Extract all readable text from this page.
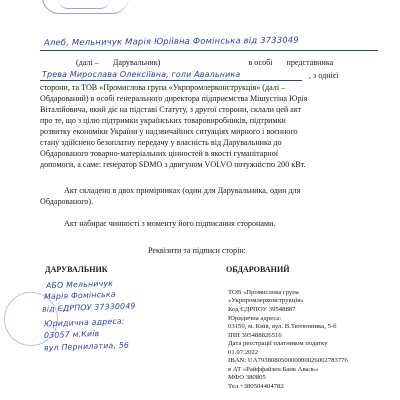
Алеб, Мельничук Марія Юріївна Фомінська від 3733049
(далі – Дарувальник)	в особі представника
Трева Мирослава Олексіївна, голи Авальника	, з однієї
сторони, та ТОВ «Промислова група «Укрпромлерконструкція» (далі –
Обдарований) в особі генерального директора підприємства Мішустіна Юрія
Віталійовича, який діє на підставі Статуту, з другої сторони, склали цей акт
про те, що з цілю підтримки українських товаровиробників, підтримки
розвитку економіки України у надзвичайних ситуаціях мирного і воєнного
стану здійснено безоплатну передачу у власність від Дарувальника до
Обдарованого товарно-матеріальних цінностей в якості гуманітарної
допомоги, а саме: генератор SDMO з двигуном VOLVO потужністю 200 кВт.
Акт складено в двох примірниках (один для Дарувальника, один для
Обдарованого).
Акт набирає чинності з моменту його підписання сторонами.
Реквізити та підписи сторін:
ДАРУВАЛЬНИК	ОБДАРОВАНИЙ
АБО Мельничук
Марія Фомінська
від ЄДРПОУ 37330049
Юридична адреса:
03057 м.Київ
вул Пернилатиа, 56
ТОВ «Промислова група
«Укрпромлерконструкція»
Код ЄДРПОУ 39548887
Юридична адреса:
03150, м. Київ, вул. В.Тютюнника, 5-б
ІПН 395488826516
Дата реєстрації платником податку
01.07.2022
IBAN: UA793808050000000026002783776
в АТ «Райффайзен Банк Аваль»
МФО 380805
Тел.+380504404782
